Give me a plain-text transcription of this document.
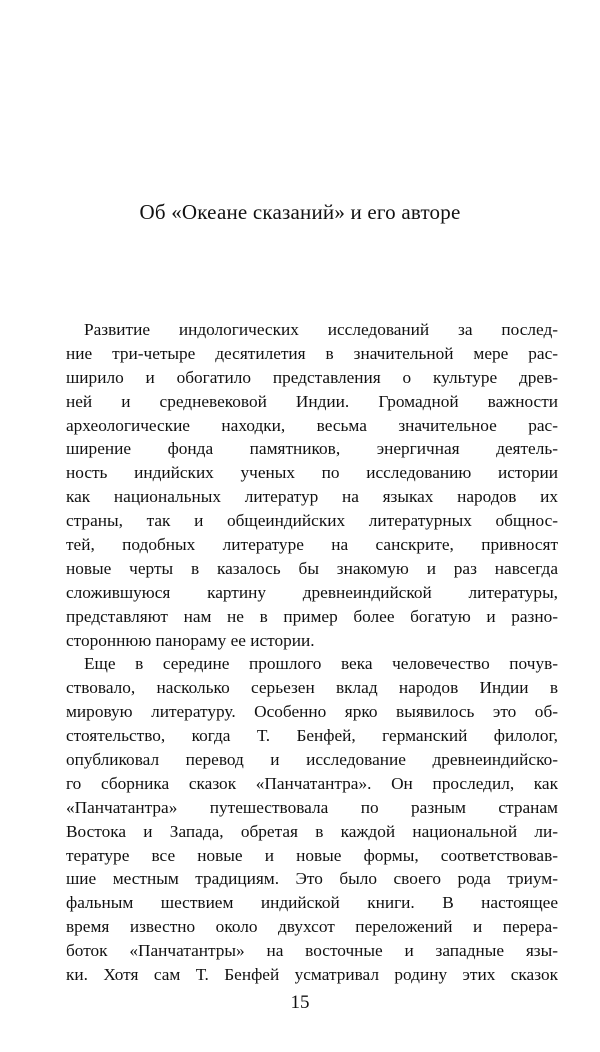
Об «Океане сказаний» и его авторе
Развитие индологических исследований за послед-
ние три-четыре десятилетия в значительной мере рас-
ширило и обогатило представления о культуре древ-
ней и средневековой Индии. Громадной важности
археологические находки, весьма значительное рас-
ширение фонда памятников, энергичная деятель-
ность индийских ученых по исследованию истории
как национальных литератур на языках народов их
страны, так и общеиндийских литературных общнос-
тей, подобных литературе на санскрите, привносят
новые черты в казалось бы знакомую и раз навсегда
сложившуюся картину древнеиндийской литературы,
представляют нам не в пример более богатую и разно-
стороннюю панораму ее истории.
Еще в середине прошлого века человечество почув-
ствовало, насколько серьезен вклад народов Индии в
мировую литературу. Особенно ярко выявилось это об-
стоятельство, когда Т. Бенфей, германский филолог,
опубликовал перевод и исследование древнеиндийско-
го сборника сказок «Панчатантра». Он проследил, как
«Панчатантра» путешествовала по разным странам
Востока и Запада, обретая в каждой национальной ли-
тературе все новые и новые формы, соответствовав-
шие местным традициям. Это было своего рода триум-
фальным шествием индийской книги. В настоящее
время известно около двухсот переложений и перера-
боток «Панчатантры» на восточные и западные язы-
ки. Хотя сам Т. Бенфей усматривал родину этих сказок
15
